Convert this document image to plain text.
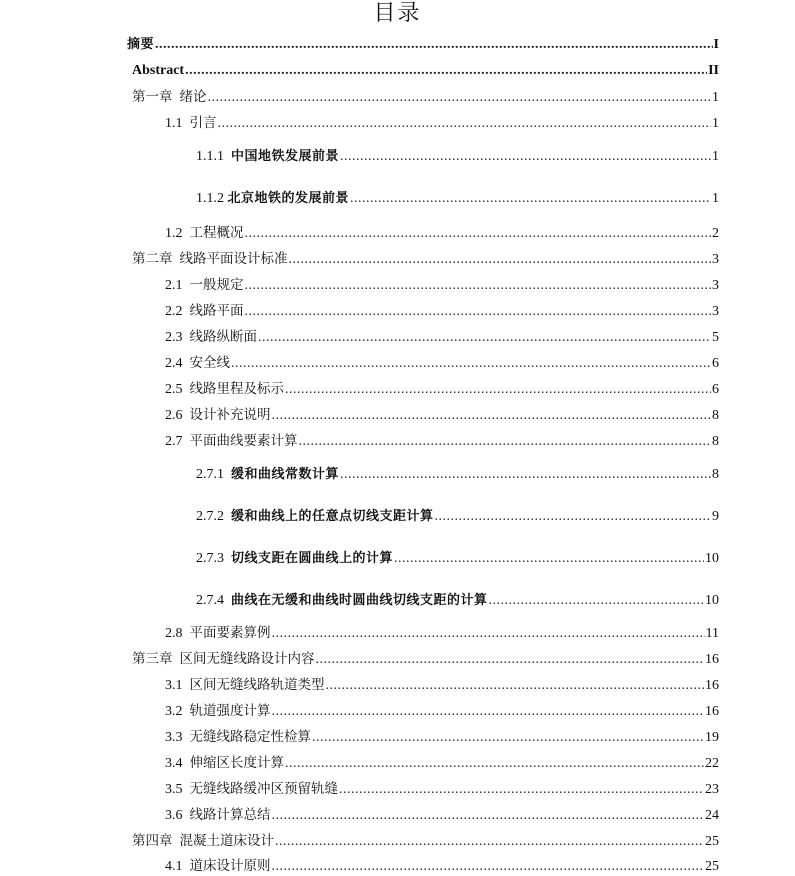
目录
摘要 .....	I
Abstract .....	II
第一章 绪论 .....	1
1.1 引言 .....	1
1.1.1 中国地铁发展前景 .....	1
1.1.2 北京地铁的发展前景 .....	1
1.2 工程概况 .....	2
第二章 线路平面设计标准 .....	3
2.1 一般规定 .....	3
2.2 线路平面 .....	3
2.3 线路纵断面 .....	5
2.4 安全线 .....	6
2.5 线路里程及标示 .....	6
2.6 设计补充说明 .....	8
2.7 平面曲线要素计算 .....	8
2.7.1 缓和曲线常数计算 .....	8
2.7.2 缓和曲线上的任意点切线支距计算 .....	9
2.7.3 切线支距在圆曲线上的计算 .....	10
2.7.4 曲线在无缓和曲线时圆曲线切线支距的计算 .....	10
2.8 平面要素算例 .....	11
第三章 区间无缝线路设计内容 .....	16
3.1 区间无缝线路轨道类型 .....	16
3.2 轨道强度计算 .....	16
3.3 无缝线路稳定性检算 .....	19
3.4 伸缩区长度计算 .....	22
3.5 无缝线路缓冲区预留轨缝 .....	23
3.6 线路计算总结 .....	24
第四章 混凝土道床设计 .....	25
4.1 道床设计原则 .....	25
